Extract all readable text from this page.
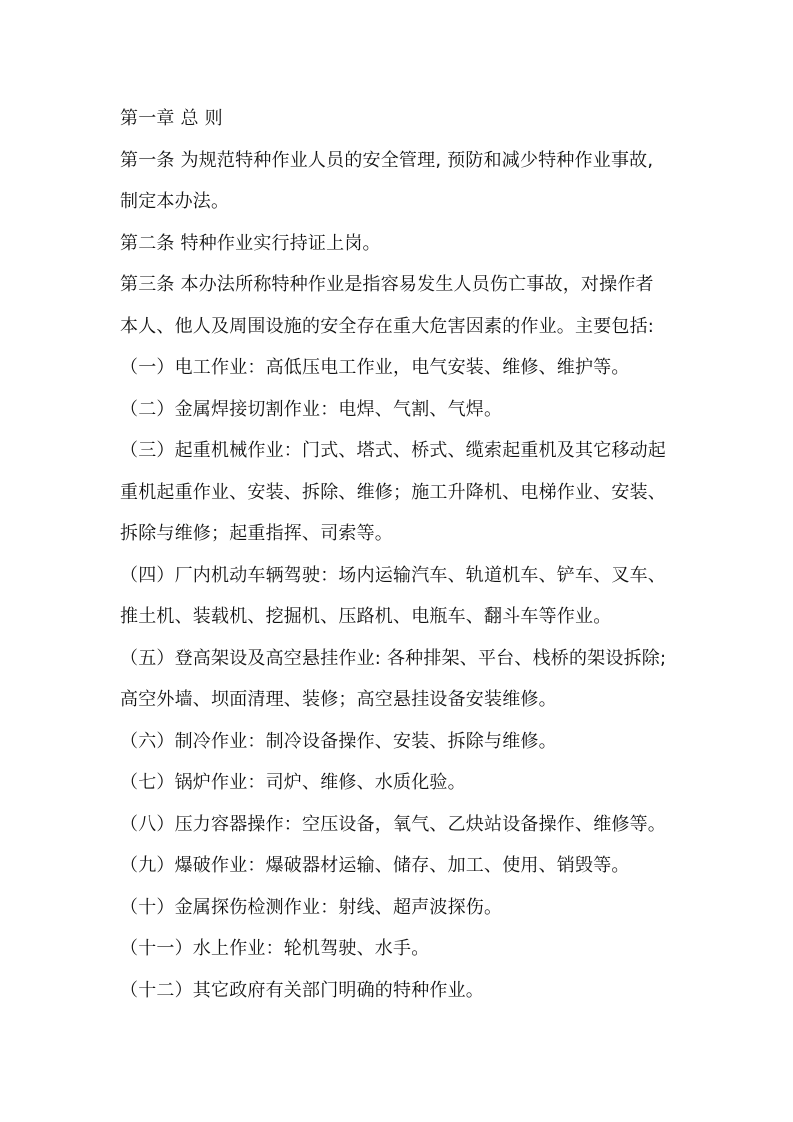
第一章 总 则
第一条 为规范特种作业人员的安全管理, 预防和减少特种作业事故,
制定本办法。
第二条 特种作业实行持证上岗。
第三条 本办法所称特种作业是指容易发生人员伤亡事故，对操作者
本人、他人及周围设施的安全存在重大危害因素的作业。主要包括:
（一）电工作业：高低压电工作业，电气安装、维修、维护等。
（二）金属焊接切割作业：电焊、气割、气焊。
（三）起重机械作业：门式、塔式、桥式、缆索起重机及其它移动起
重机起重作业、安装、拆除、维修；施工升降机、电梯作业、安装、
拆除与维修；起重指挥、司索等。
（四）厂内机动车辆驾驶：场内运输汽车、轨道机车、铲车、叉车、
推土机、装载机、挖掘机、压路机、电瓶车、翻斗车等作业。
（五）登高架设及高空悬挂作业: 各种排架、平台、栈桥的架设拆除;
高空外墙、坝面清理、装修；高空悬挂设备安装维修。
（六）制冷作业：制冷设备操作、安装、拆除与维修。
（七）锅炉作业：司炉、维修、水质化验。
（八）压力容器操作：空压设备，氧气、乙炔站设备操作、维修等。
（九）爆破作业：爆破器材运输、储存、加工、使用、销毁等。
（十）金属探伤检测作业：射线、超声波探伤。
（十一）水上作业：轮机驾驶、水手。
（十二）其它政府有关部门明确的特种作业。
